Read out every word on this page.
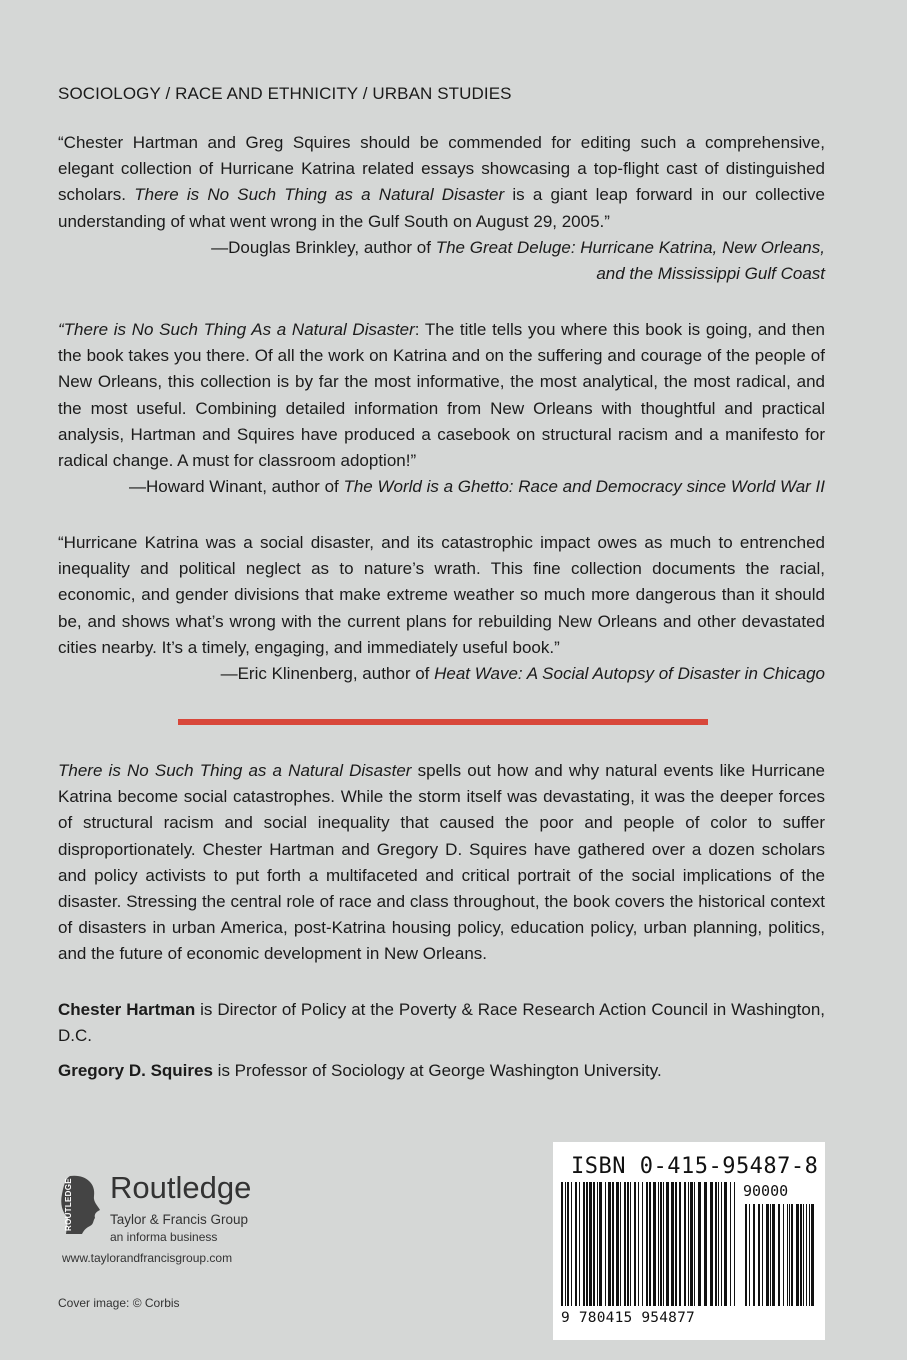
SOCIOLOGY / RACE AND ETHNICITY / URBAN STUDIES

“Chester Hartman and Greg Squires should be commended for editing such a comprehensive, elegant collection of Hurricane Katrina related essays showcasing a top-flight cast of distinguished scholars. There is No Such Thing as a Natural Disaster is a giant leap forward in our collective understanding of what went wrong in the Gulf South on August 29, 2005.”

—Douglas Brinkley, author of The Great Deluge: Hurricane Katrina, New Orleans,

and the Mississippi Gulf Coast

“There is No Such Thing As a Natural Disaster: The title tells you where this book is going, and then the book takes you there. Of all the work on Katrina and on the suffering and courage of the people of New Orleans, this collection is by far the most informative, the most analytical, the most radical, and the most useful. Combining detailed information from New Orleans with thoughtful and practical analysis, Hartman and Squires have produced a casebook on structural racism and a manifesto for radical change. A must for classroom adoption!”

—Howard Winant, author of The World is a Ghetto: Race and Democracy since World War II

“Hurricane Katrina was a social disaster, and its catastrophic impact owes as much to entrenched inequality and political neglect as to nature’s wrath. This fine collection documents the racial, economic, and gender divisions that make extreme weather so much more dangerous than it should be, and shows what’s wrong with the current plans for rebuilding New Orleans and other devastated cities nearby. It’s a timely, engaging, and immediately useful book.”

—Eric Klinenberg, author of Heat Wave: A Social Autopsy of Disaster in Chicago

There is No Such Thing as a Natural Disaster spells out how and why natural events like Hurricane Katrina become social catastrophes. While the storm itself was devastating, it was the deeper forces of structural racism and social inequality that caused the poor and people of color to suffer disproportionately. Chester Hartman and Gregory D. Squires have gathered over a dozen scholars and policy activists to put forth a multifaceted and critical portrait of the social implications of the disaster. Stressing the central role of race and class throughout, the book covers the historical context of disasters in urban America, post-Katrina housing policy, education policy, urban planning, politics, and the future of economic development in New Orleans.

Chester Hartman is Director of Policy at the Poverty & Race Research Action Council in Washington, D.C.

Gregory D. Squires is Professor of Sociology at George Washington University.

ROUTLEDGE Routledge
Taylor & Francis Group
an informa business
www.taylorandfrancisgroup.com
Cover image: © Corbis
ISBN 0-415-95487-8
90000
9 780415 954877
